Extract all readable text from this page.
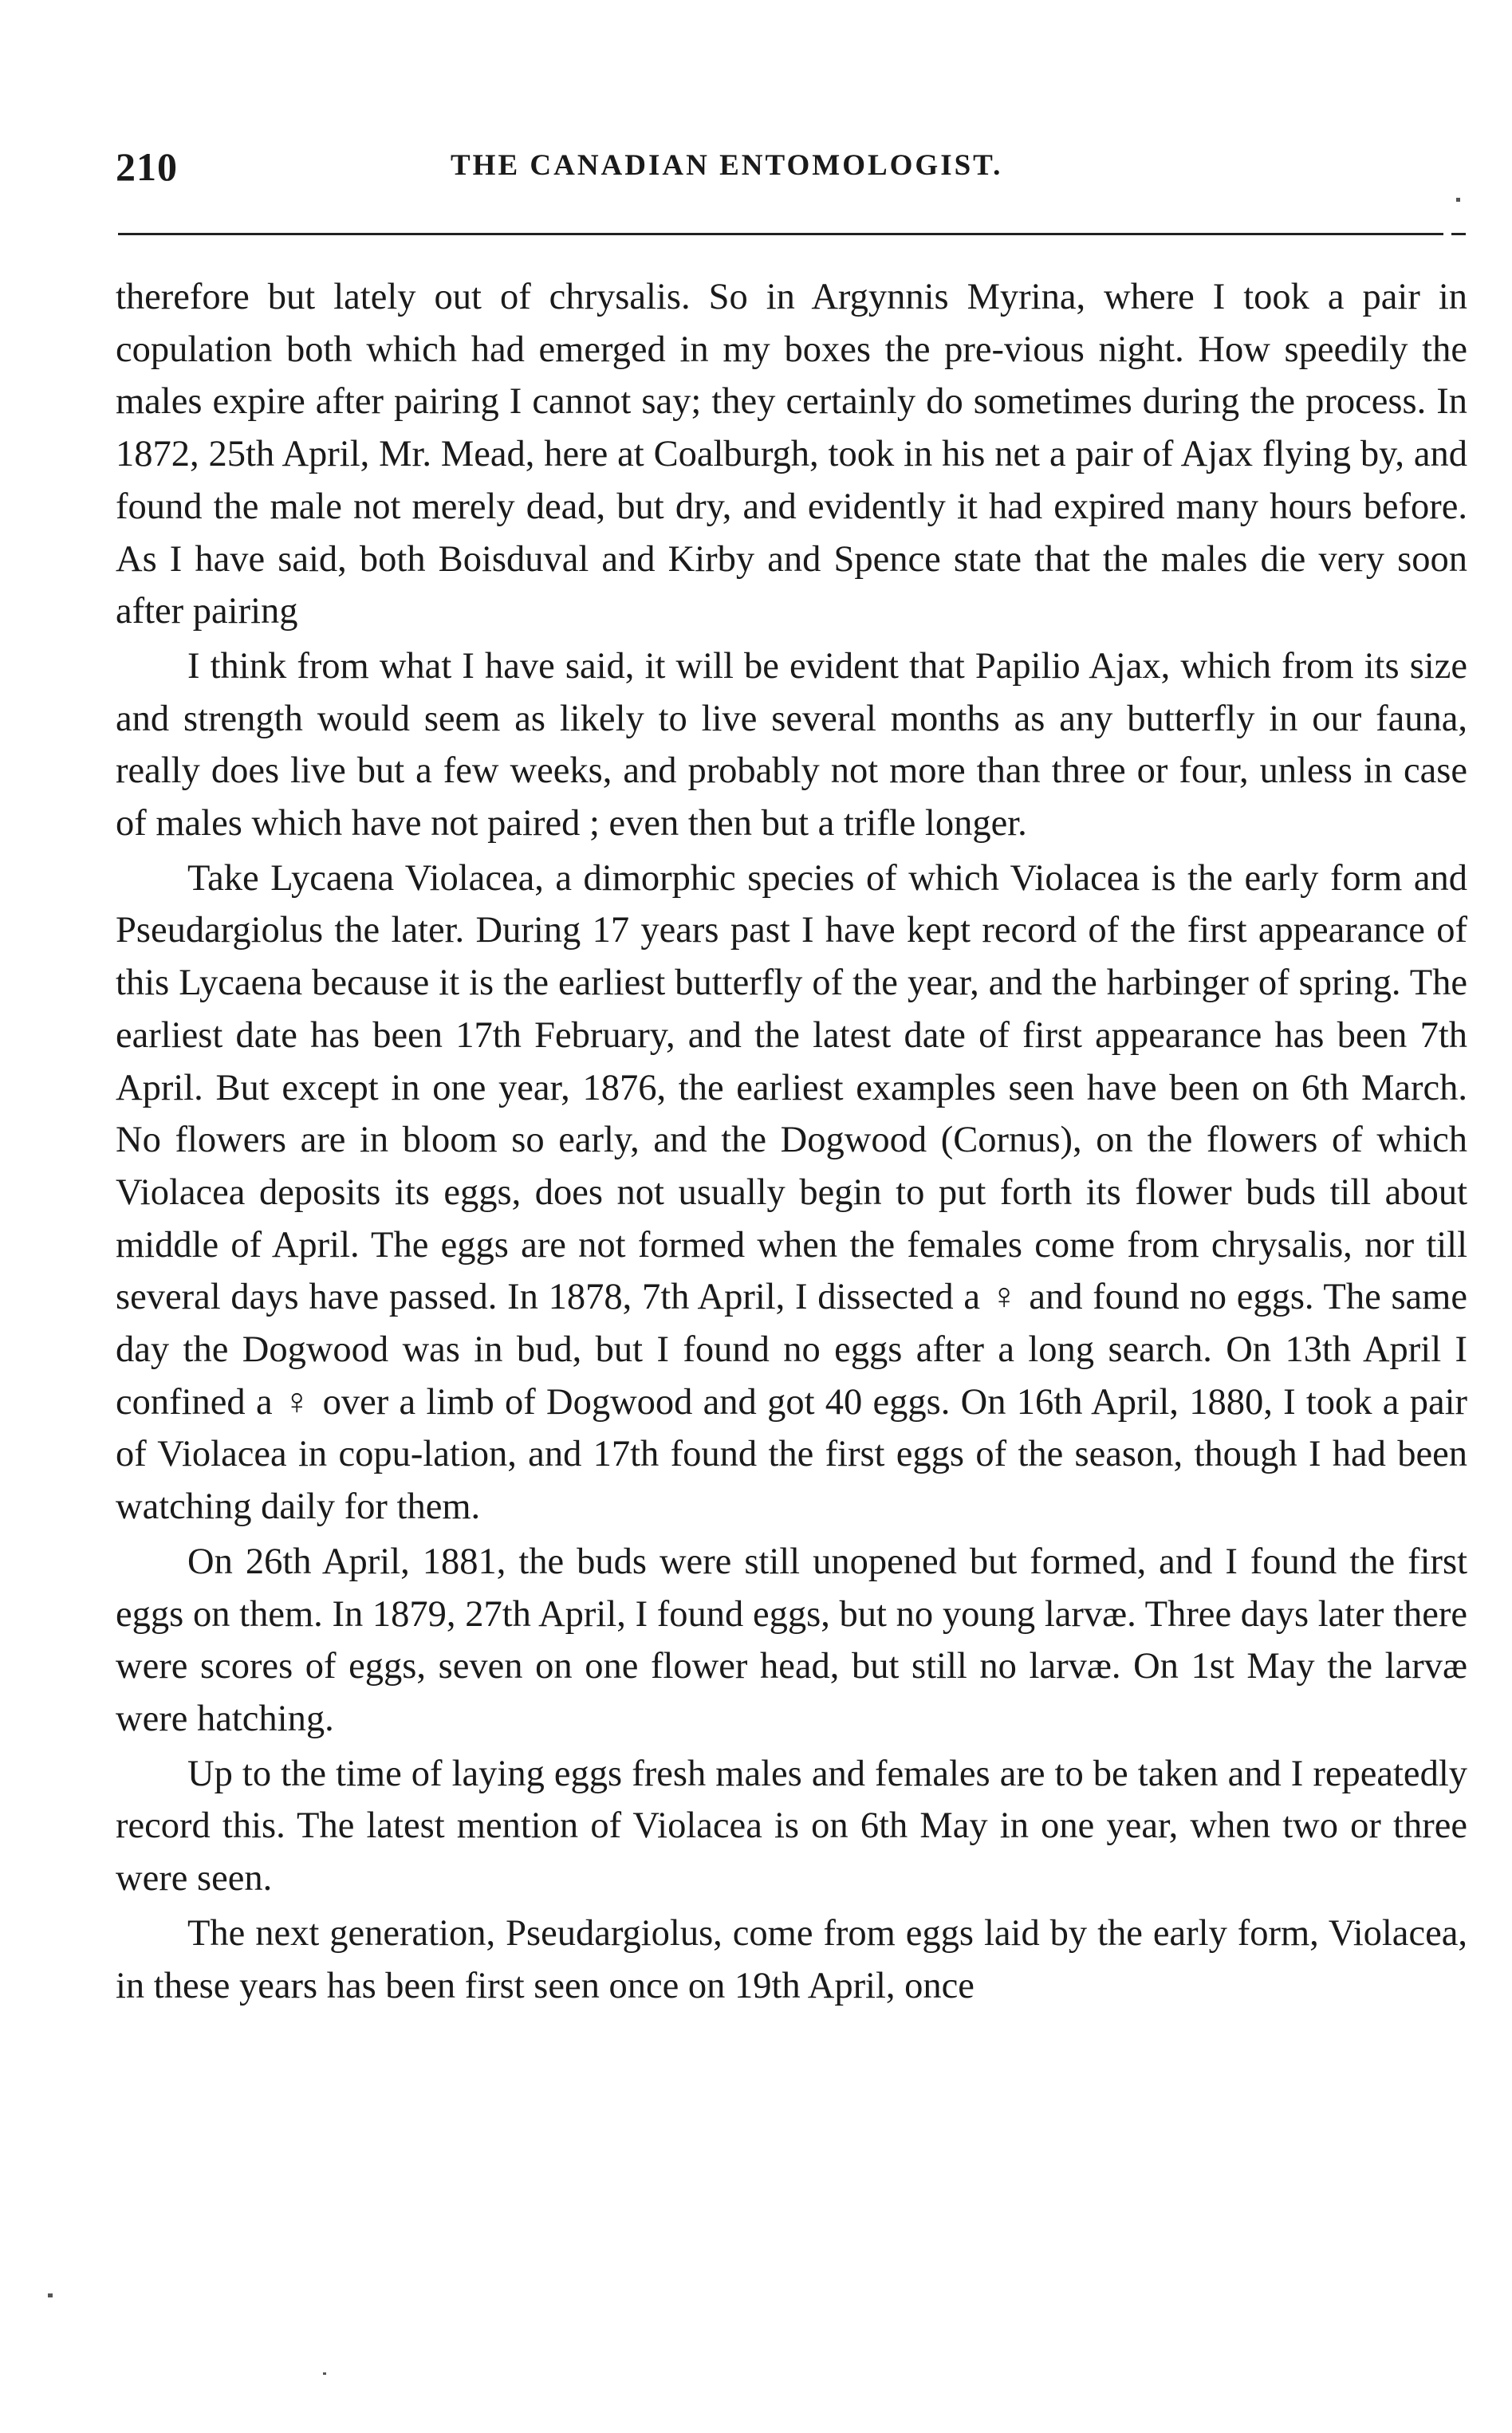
210	THE CANADIAN ENTOMOLOGIST.

therefore but lately out of chrysalis. So in Argynnis Myrina, where I took a pair in copulation both which had emerged in my boxes the pre-vious night. How speedily the males expire after pairing I cannot say; they certainly do sometimes during the process. In 1872, 25th April, Mr. Mead, here at Coalburgh, took in his net a pair of Ajax flying by, and found the male not merely dead, but dry, and evidently it had expired many hours before. As I have said, both Boisduval and Kirby and Spence state that the males die very soon after pairing

I think from what I have said, it will be evident that Papilio Ajax, which from its size and strength would seem as likely to live several months as any butterfly in our fauna, really does live but a few weeks, and probably not more than three or four, unless in case of males which have not paired ; even then but a trifle longer.

Take Lycaena Violacea, a dimorphic species of which Violacea is the early form and Pseudargiolus the later. During 17 years past I have kept record of the first appearance of this Lycaena because it is the earliest butterfly of the year, and the harbinger of spring. The earliest date has been 17th February, and the latest date of first appearance has been 7th April. But except in one year, 1876, the earliest examples seen have been on 6th March. No flowers are in bloom so early, and the Dogwood (Cornus), on the flowers of which Violacea deposits its eggs, does not usually begin to put forth its flower buds till about middle of April. The eggs are not formed when the females come from chrysalis, nor till several days have passed. In 1878, 7th April, I dissected a ♀ and found no eggs. The same day the Dogwood was in bud, but I found no eggs after a long search. On 13th April I confined a ♀ over a limb of Dogwood and got 40 eggs. On 16th April, 1880, I took a pair of Violacea in copu-lation, and 17th found the first eggs of the season, though I had been watching daily for them.

On 26th April, 1881, the buds were still unopened but formed, and I found the first eggs on them. In 1879, 27th April, I found eggs, but no young larvæ. Three days later there were scores of eggs, seven on one flower head, but still no larvæ. On 1st May the larvæ were hatching.

Up to the time of laying eggs fresh males and females are to be taken and I repeatedly record this. The latest mention of Violacea is on 6th May in one year, when two or three were seen.

The next generation, Pseudargiolus, come from eggs laid by the early form, Violacea, in these years has been first seen once on 19th April, once
